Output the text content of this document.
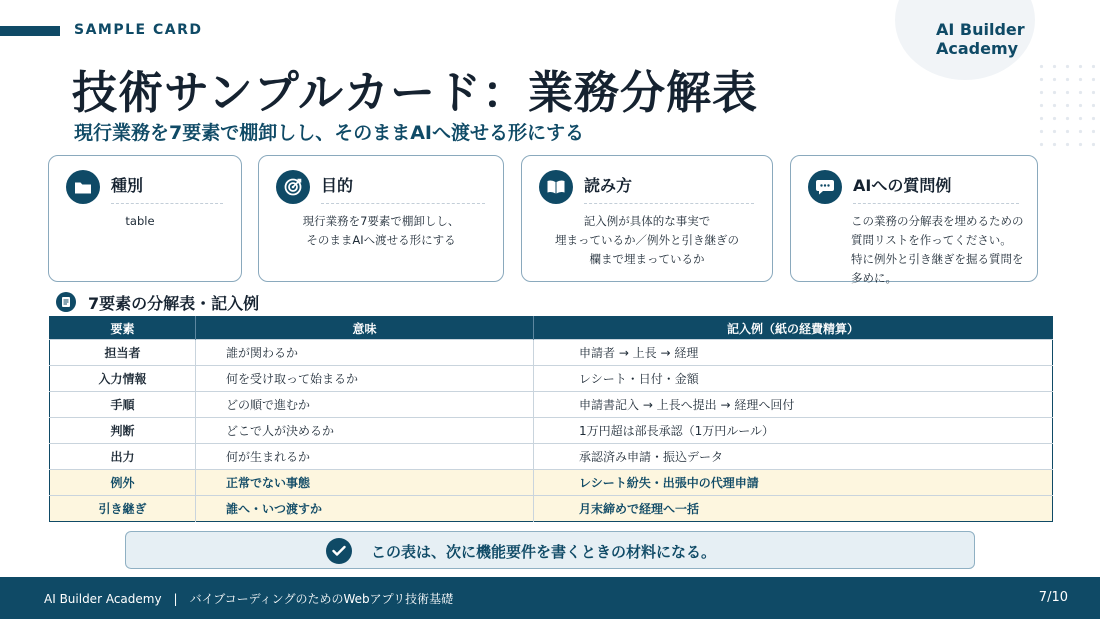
SAMPLE CARD	AI Builder Academy
技術サンプルカード：業務分解表
現行業務を7要素で棚卸しし、そのままAIへ渡せる形にする
種別
table
目的
現行業務を7要素で棚卸しし、
そのままAIへ渡せる形にする
読み方
記入例が具体的な事実で
埋まっているか／例外と引き継ぎの
欄まで埋まっているか
AIへの質問例
この業務の分解表を埋めるための
質問リストを作ってください。
特に例外と引き継ぎを掘る質問を
多めに。
7要素の分解表・記入例
要素	意味	記入例（紙の経費精算）
担当者	誰が関わるか	申請者 → 上長 → 経理
入力情報	何を受け取って始まるか	レシート・日付・金額
手順	どの順で進むか	申請書記入 → 上長へ提出 → 経理へ回付
判断	どこで人が決めるか	1万円超は部長承認（1万円ルール）
出力	何が生まれるか	承認済み申請・振込データ
例外	正常でない事態	レシート紛失・出張中の代理申請
引き継ぎ	誰へ・いつ渡すか	月末締めで経理へ一括
この表は、次に機能要件を書くときの材料になる。
AI Builder Academy　|　バイブコーディングのためのWebアプリ技術基礎	7/10
